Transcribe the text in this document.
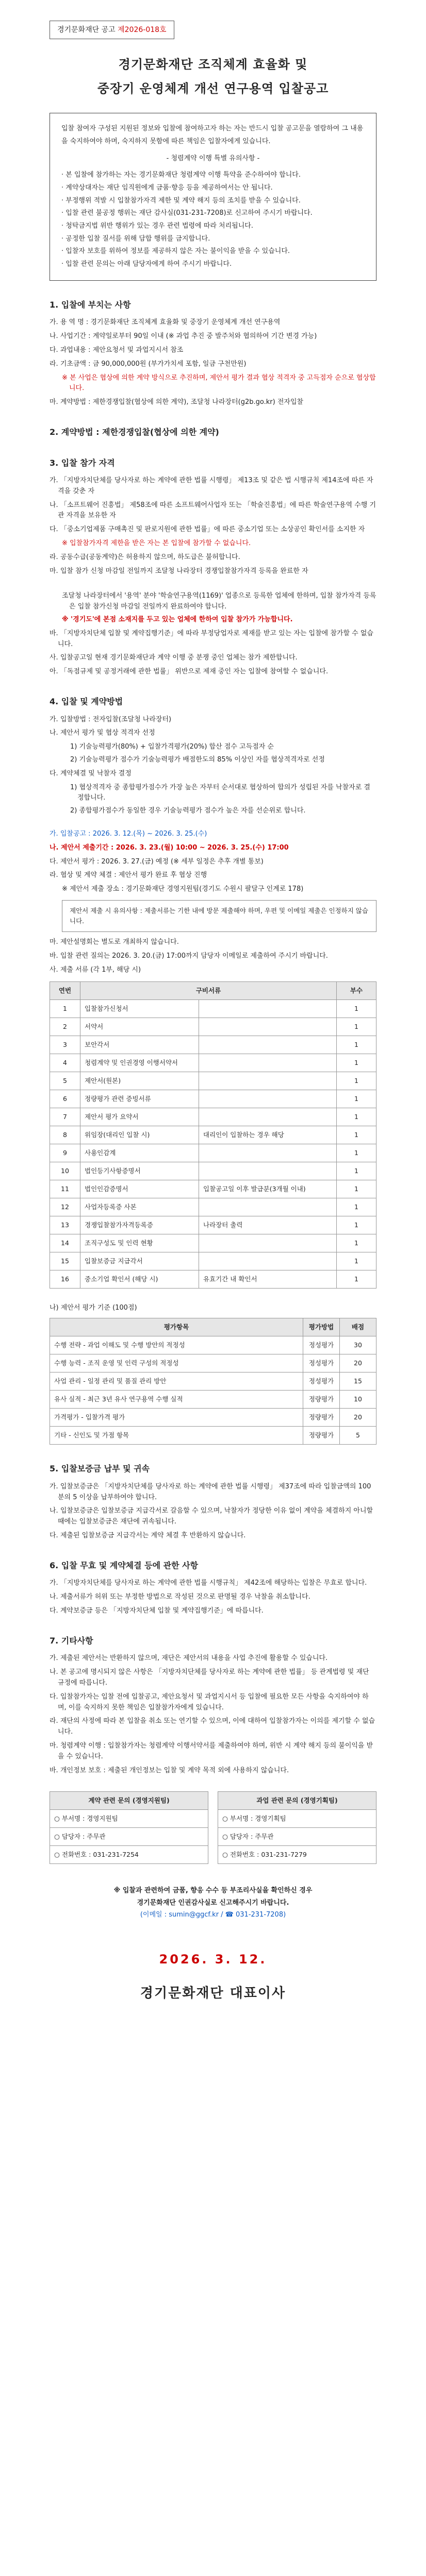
경기문화재단 공고 제2026-018호
경기문화재단 조직체계 효율화 및
중장기 운영체계 개선 연구용역 입찰공고
입찰 참여자 구성된 지원된 정보와 입찰에 참여하고자 하는 자는 반드시 입찰 공고문을 열람하여 그 내용을 숙지하여야 하며, 숙지하지 못함에 따른 책임은 입찰자에게 있습니다.
- 청렴계약 이행 특별 유의사항 -
· 본 입찰에 참가하는 자는 경기문화재단 청렴계약 이행 특약을 준수하여야 합니다.
· 계약상대자는 재단 임직원에게 금품·향응 등을 제공하여서는 안 됩니다.
· 부정행위 적발 시 입찰참가자격 제한 및 계약 해지 등의 조치를 받을 수 있습니다.
· 입찰 관련 불공정 행위는 재단 감사실(031-231-7208)로 신고하여 주시기 바랍니다.
· 청탁금지법 위반 행위가 있는 경우 관련 법령에 따라 처리됩니다.
· 공정한 입찰 질서를 위해 담합 행위를 금지합니다.
· 입찰자 보호를 위하여 정보를 제공하지 않은 자는 불이익을 받을 수 있습니다.
· 입찰 관련 문의는 아래 담당자에게 하여 주시기 바랍니다.
1. 입찰에 부치는 사항
가. 용 역 명 : 경기문화재단 조직체계 효율화 및 중장기 운영체계 개선 연구용역
나. 사업기간 : 계약일로부터 90일 이내 (※ 과업 추진 중 발주처와 협의하여 기간 변경 가능)
다. 과업내용 : 제안요청서 및 과업지시서 참조
라. 기초금액 : 금 90,000,000원 (부가가치세 포함, 일금 구천만원)
※ 본 사업은 협상에 의한 계약 방식으로 추진하며, 제안서 평가 결과 협상 적격자 중 고득점자 순으로 협상합니다.
마. 계약방법 : 제한경쟁입찰(협상에 의한 계약), 조달청 나라장터(g2b.go.kr) 전자입찰
2. 계약방법 : 제한경쟁입찰(협상에 의한 계약)
3. 입찰 참가 자격
가. 「지방자치단체를 당사자로 하는 계약에 관한 법률 시행령」 제13조 및 같은 법 시행규칙 제14조에 따른 자격을 갖춘 자
나. 「소프트웨어 진흥법」 제58조에 따른 소프트웨어사업자 또는 「학술진흥법」에 따른 학술연구용역 수행 기관 자격을 보유한 자
다. 「중소기업제품 구매촉진 및 판로지원에 관한 법률」에 따른 중소기업 또는 소상공인 확인서를 소지한 자
※ 입찰참가자격 제한을 받은 자는 본 입찰에 참가할 수 없습니다.
라. 공동수급(공동계약)은 허용하지 않으며, 하도급은 불허합니다.
마. 입찰 참가 신청 마감일 전일까지 조달청 나라장터 경쟁입찰참가자격 등록을 완료한 자
조달청 나라장터에서 '용역' 분야 '학술연구용역(1169)' 업종으로 등록한 업체에 한하며, 입찰 참가자격 등록은 입찰 참가신청 마감일 전일까지 완료하여야 합니다.
※ '경기도'에 본점 소재지를 두고 있는 업체에 한하여 입찰 참가가 가능합니다.
바. 「지방자치단체 입찰 및 계약집행기준」에 따라 부정당업자로 제재를 받고 있는 자는 입찰에 참가할 수 없습니다.
사. 입찰공고일 현재 경기문화재단과 계약 이행 중 분쟁 중인 업체는 참가 제한합니다.
아. 「독점규제 및 공정거래에 관한 법률」 위반으로 제재 중인 자는 입찰에 참여할 수 없습니다.
4. 입찰 및 계약방법
가. 입찰방법 : 전자입찰(조달청 나라장터)
나. 제안서 평가 및 협상 적격자 선정
1) 기술능력평가(80%) + 입찰가격평가(20%) 합산 점수 고득점자 순
2) 기술능력평가 점수가 기술능력평가 배점한도의 85% 이상인 자를 협상적격자로 선정
다. 계약체결 및 낙찰자 결정
1) 협상적격자 중 종합평가점수가 가장 높은 자부터 순서대로 협상하여 합의가 성립된 자를 낙찰자로 결정합니다.
2) 종합평가점수가 동일한 경우 기술능력평가 점수가 높은 자를 선순위로 합니다.
가. 입찰공고 : 2026. 3. 12.(목) ~ 2026. 3. 25.(수)
나. 제안서 제출기간 : 2026. 3. 23.(월) 10:00 ~ 2026. 3. 25.(수) 17:00
다. 제안서 평가 : 2026. 3. 27.(금) 예정 (※ 세부 일정은 추후 개별 통보)
라. 협상 및 계약 체결 : 제안서 평가 완료 후 협상 진행
※ 제안서 제출 장소 : 경기문화재단 경영지원팀(경기도 수원시 팔달구 인계로 178)
제안서 제출 시 유의사항 : 제출서류는 기한 내에 방문 제출해야 하며, 우편 및 이메일 제출은 인정하지 않습니다.
마. 제안설명회는 별도로 개최하지 않습니다.
바. 입찰 관련 질의는 2026. 3. 20.(금) 17:00까지 담당자 이메일로 제출하여 주시기 바랍니다.
사. 제출 서류 (각 1부, 해당 시)
연번	구비서류		부수
1	입찰참가신청서		1
2	서약서		1
3	보안각서		1
4	청렴계약 및 인권경영 이행서약서		1
5	제안서(원본)		1
6	정량평가 관련 증빙서류		1
7	제안서 평가 요약서		1
8	위임장(대리인 입찰 시)	대리인이 입찰하는 경우 해당	1
9	사용인감계		1
10	법인등기사항증명서		1
11	법인인감증명서	입찰공고일 이후 발급분(3개월 이내)	1
12	사업자등록증 사본		1
13	경쟁입찰참가자격등록증	나라장터 출력	1
14	조직구성도 및 인력 현황		1
15	입찰보증금 지급각서		1
16	중소기업 확인서 (해당 시)	유효기간 내 확인서	1
나) 제안서 평가 기준 (100점)
평가항목	평가방법	배점
수행 전략 - 과업 이해도 및 수행 방안의 적정성	정성평가	30
수행 능력 - 조직 운영 및 인력 구성의 적정성	정성평가	20
사업 관리 - 일정 관리 및 품질 관리 방안	정성평가	15
유사 실적 - 최근 3년 유사 연구용역 수행 실적	정량평가	10
가격평가 - 입찰가격 평가	정량평가	20
기타 - 신인도 및 가점 항목	정량평가	5
5. 입찰보증금 납부 및 귀속
가. 입찰보증금은 「지방자치단체를 당사자로 하는 계약에 관한 법률 시행령」 제37조에 따라 입찰금액의 100분의 5 이상을 납부하여야 합니다.
나. 입찰보증금은 입찰보증금 지급각서로 갈음할 수 있으며, 낙찰자가 정당한 이유 없이 계약을 체결하지 아니할 때에는 입찰보증금은 재단에 귀속됩니다.
다. 제출된 입찰보증금 지급각서는 계약 체결 후 반환하지 않습니다.
6. 입찰 무효 및 계약체결 등에 관한 사항
가. 「지방자치단체를 당사자로 하는 계약에 관한 법률 시행규칙」 제42조에 해당하는 입찰은 무효로 합니다.
나. 제출서류가 허위 또는 부정한 방법으로 작성된 것으로 판명될 경우 낙찰을 취소합니다.
다. 계약보증금 등은 「지방자치단체 입찰 및 계약집행기준」에 따릅니다.
7. 기타사항
가. 제출된 제안서는 반환하지 않으며, 재단은 제안서의 내용을 사업 추진에 활용할 수 있습니다.
나. 본 공고에 명시되지 않은 사항은 「지방자치단체를 당사자로 하는 계약에 관한 법률」 등 관계법령 및 재단 규정에 따릅니다.
다. 입찰참가자는 입찰 전에 입찰공고, 제안요청서 및 과업지시서 등 입찰에 필요한 모든 사항을 숙지하여야 하며, 이를 숙지하지 못한 책임은 입찰참가자에게 있습니다.
라. 재단의 사정에 따라 본 입찰을 취소 또는 연기할 수 있으며, 이에 대하여 입찰참가자는 이의를 제기할 수 없습니다.
마. 청렴계약 이행 : 입찰참가자는 청렴계약 이행서약서를 제출하여야 하며, 위반 시 계약 해지 등의 불이익을 받을 수 있습니다.
바. 개인정보 보호 : 제출된 개인정보는 입찰 및 계약 목적 외에 사용하지 않습니다.
계약 관련 문의 (경영지원팀)
○ 부서명 : 경영지원팀
○ 담당자 : 주무관
○ 전화번호 : 031-231-7254
과업 관련 문의 (경영기획팀)
○ 부서명 : 경영기획팀
○ 담당자 : 주무관
○ 전화번호 : 031-231-7279
※ 입찰과 관련하여 금품, 향응 수수 등 부조리사실을 확인하신 경우
경기문화재단 인권감사실로 신고해주시기 바랍니다.
(이메일 : sumin@ggcf.kr / ☎ 031-231-7208)
2026. 3. 12.
경기문화재단 대표이사
